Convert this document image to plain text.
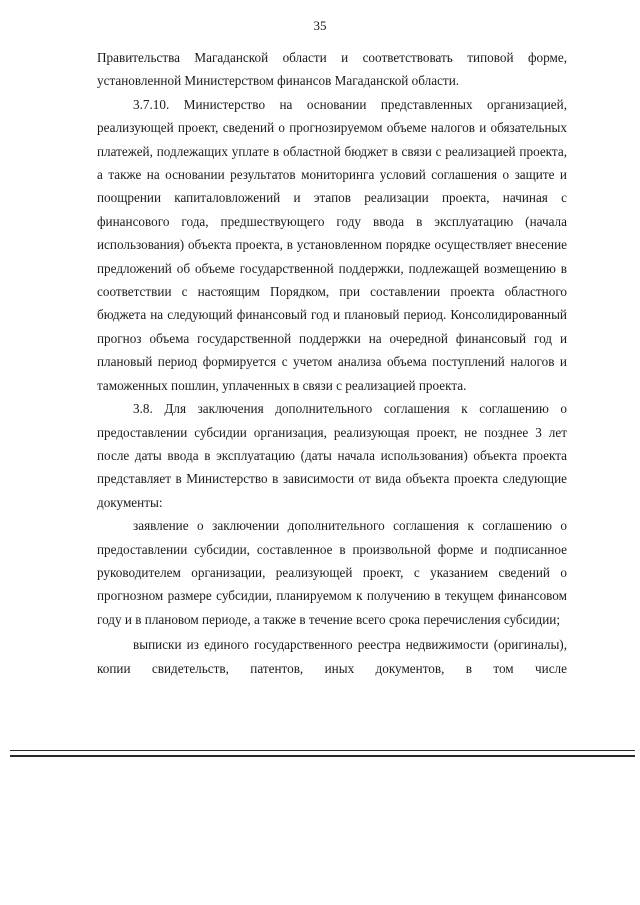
35

Правительства Магаданской области и соответствовать типовой форме, установленной Министерством финансов Магаданской области.

3.7.10. Министерство на основании представленных организацией, реализующей проект, сведений о прогнозируемом объеме налогов и обязательных платежей, подлежащих уплате в областной бюджет в связи с реализацией проекта, а также на основании результатов мониторинга условий соглашения о защите и поощрении капиталовложений и этапов реализации проекта, начиная с финансового года, предшествующего году ввода в эксплуатацию (начала использования) объекта проекта, в установленном порядке осуществляет внесение предложений об объеме государственной поддержки, подлежащей возмещению в соответствии с настоящим Порядком, при составлении проекта областного бюджета на следующий финансовый год и плановый период. Консолидированный прогноз объема государственной поддержки на очередной финансовый год и плановый период формируется с учетом анализа объема поступлений налогов и таможенных пошлин, уплаченных в связи с реализацией проекта.

3.8. Для заключения дополнительного соглашения к соглашению о предоставлении субсидии организация, реализующая проект, не позднее 3 лет после даты ввода в эксплуатацию (даты начала использования) объекта проекта представляет в Министерство в зависимости от вида объекта проекта следующие документы:

заявление о заключении дополнительного соглашения к соглашению о предоставлении субсидии, составленное в произвольной форме и подписанное руководителем организации, реализующей проект, с указанием сведений о прогнозном размере субсидии, планируемом к получению в текущем финансовом году и в плановом периоде, а также в течение всего срока перечисления субсидии;

выписки из единого государственного реестра недвижимости (оригиналы), копии свидетельств, патентов, иных документов, в том числе
